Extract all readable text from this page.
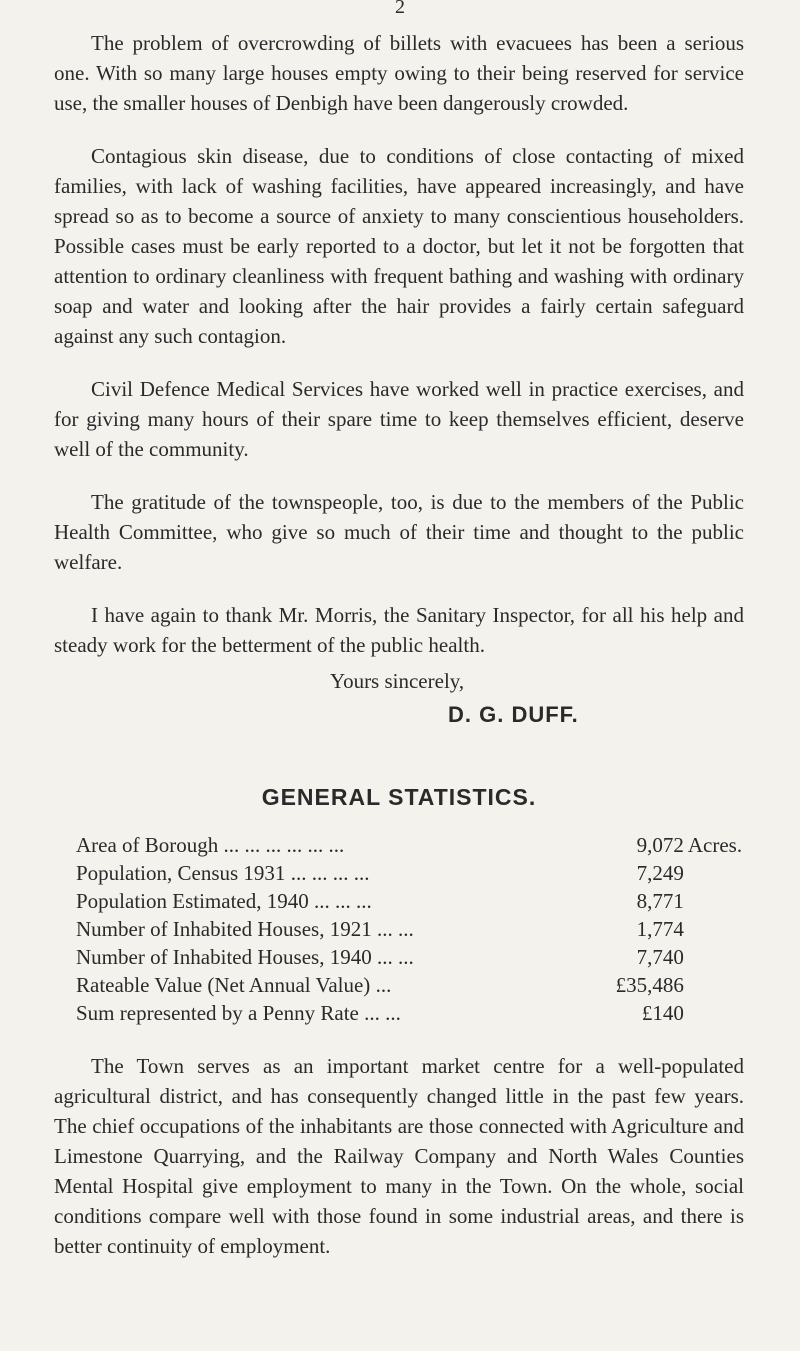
2

The problem of overcrowding of billets with evacuees has been a serious one. With so many large houses empty owing to their being reserved for service use, the smaller houses of Denbigh have been dangerously crowded.

Contagious skin disease, due to conditions of close contacting of mixed families, with lack of washing facilities, have appeared increasingly, and have spread so as to become a source of anxiety to many conscientious householders. Possible cases must be early reported to a doctor, but let it not be forgotten that attention to ordinary cleanliness with frequent bathing and washing with ordinary soap and water and looking after the hair provides a fairly certain safeguard against any such contagion.

Civil Defence Medical Services have worked well in practice exercises, and for giving many hours of their spare time to keep themselves efficient, deserve well of the community.

The gratitude of the townspeople, too, is due to the members of the Public Health Committee, who give so much of their time and thought to the public welfare.

I have again to thank Mr. Morris, the Sanitary Inspector, for all his help and steady work for the betterment of the public health.

Yours sincerely,
D. G. DUFF.
GENERAL STATISTICS.
Area of Borough ... ... ... ... ... ...	9,072	Acres.
Population, Census 1931 ... ... ... ...	7,249	
Population Estimated, 1940 ... ... ...	8,771	
Number of Inhabited Houses, 1921 ... ...	1,774	
Number of Inhabited Houses, 1940 ... ...	7,740	
Rateable Value (Net Annual Value) ...	£35,486	
Sum represented by a Penny Rate ... ...	£140	

The Town serves as an important market centre for a well-populated agricultural district, and has consequently changed little in the past few years. The chief occupations of the inhabitants are those connected with Agriculture and Limestone Quarrying, and the Railway Company and North Wales Counties Mental Hospital give employment to many in the Town. On the whole, social conditions compare well with those found in some industrial areas, and there is better continuity of employment.
